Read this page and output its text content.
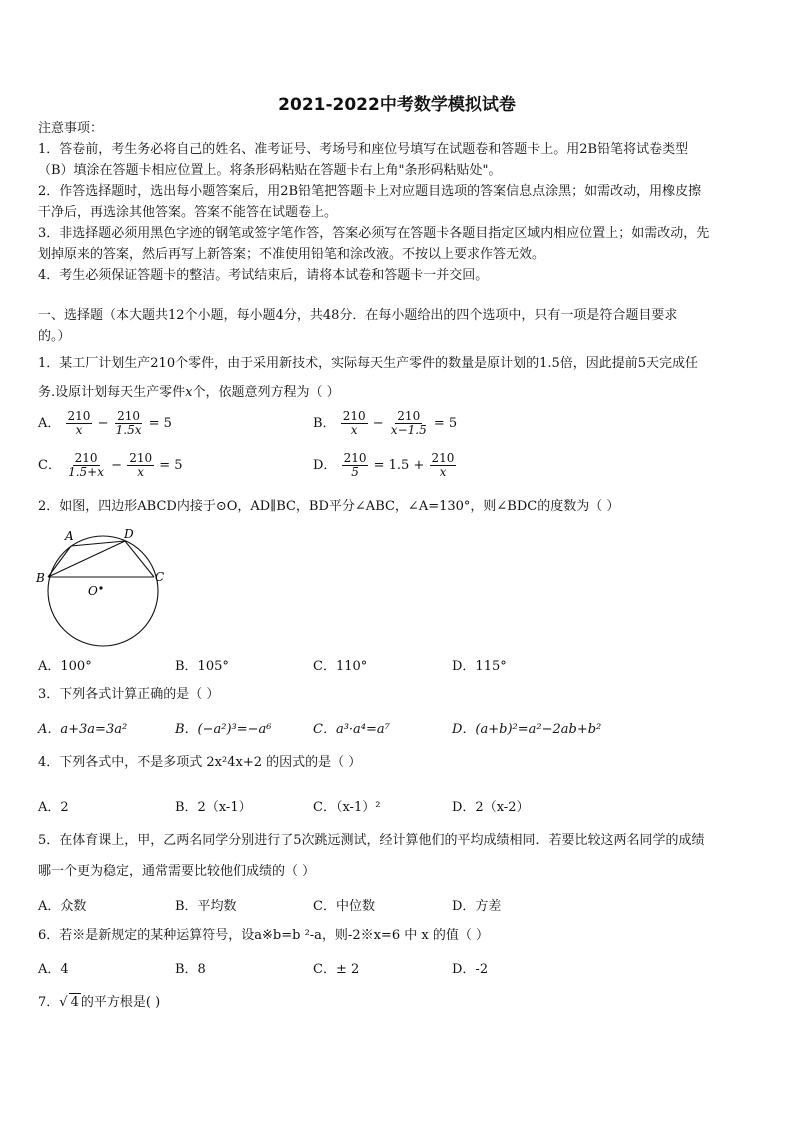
2021-2022中考数学模拟试卷
注意事项：
1．答卷前，考生务必将自己的姓名、准考证号、考场号和座位号填写在试题卷和答题卡上。用2B铅笔将试卷类型
（B）填涂在答题卡相应位置上。将条形码粘贴在答题卡右上角"条形码粘贴处"。
2．作答选择题时，选出每小题答案后，用2B铅笔把答题卡上对应题目选项的答案信息点涂黑；如需改动，用橡皮擦
干净后，再选涂其他答案。答案不能答在试题卷上。
3．非选择题必须用黑色字迹的钢笔或签字笔作答，答案必须写在答题卡各题目指定区域内相应位置上；如需改动，先
划掉原来的答案，然后再写上新答案；不准使用铅笔和涂改液。不按以上要求作答无效。
4．考生必须保证答题卡的整洁。考试结束后，请将本试卷和答题卡一并交回。
一、选择题（本大题共12个小题，每小题4分，共48分．在每小题给出的四个选项中，只有一项是符合题目要求
的。）
1．某工厂计划生产210个零件，由于采用新技术，实际每天生产零件的数量是原计划的1.5倍，因此提前5天完成任
务.设原计划每天生产零件x个，依题意列方程为（ ）
A． $\frac{210}{x} - \frac{210}{1.5x} = 5$	B． $\frac{210}{x} - \frac{210}{x-1.5} = 5$
C． $\frac{210}{1.5+x} - \frac{210}{x} = 5$	D． $\frac{210}{5} = 1.5 + \frac{210}{x}$
2．如图，四边形ABCD内接于⊙O，AD∥BC，BD平分∠ABC，∠A=130°，则∠BDC的度数为（ ）
A	D
B	C
O
A．100°	B．105°	C．110°	D．115°
3．下列各式计算正确的是（ ）
A．a+3a=3a²	B．(−a²)³=−a⁶	C．a³·a⁴=a⁷	D．(a+b)²=a²−2ab+b²
4．下列各式中，不是多项式 2x²4x+2 的因式的是（ ）
A．2	B．2（x-1）	C．（x-1）²	D．2（x-2）
5．在体育课上，甲，乙两名同学分别进行了5次跳远测试，经计算他们的平均成绩相同．若要比较这两名同学的成绩
哪一个更为稳定，通常需要比较他们成绩的（ ）
A．众数	B．平均数	C．中位数	D．方差
6．若※是新规定的某种运算符号，设a※b=b ²-a，则-2※x=6 中 x 的值（ ）
A．4	B．8	C．± 2	D．-2
7．√ 4 的平方根是( )
